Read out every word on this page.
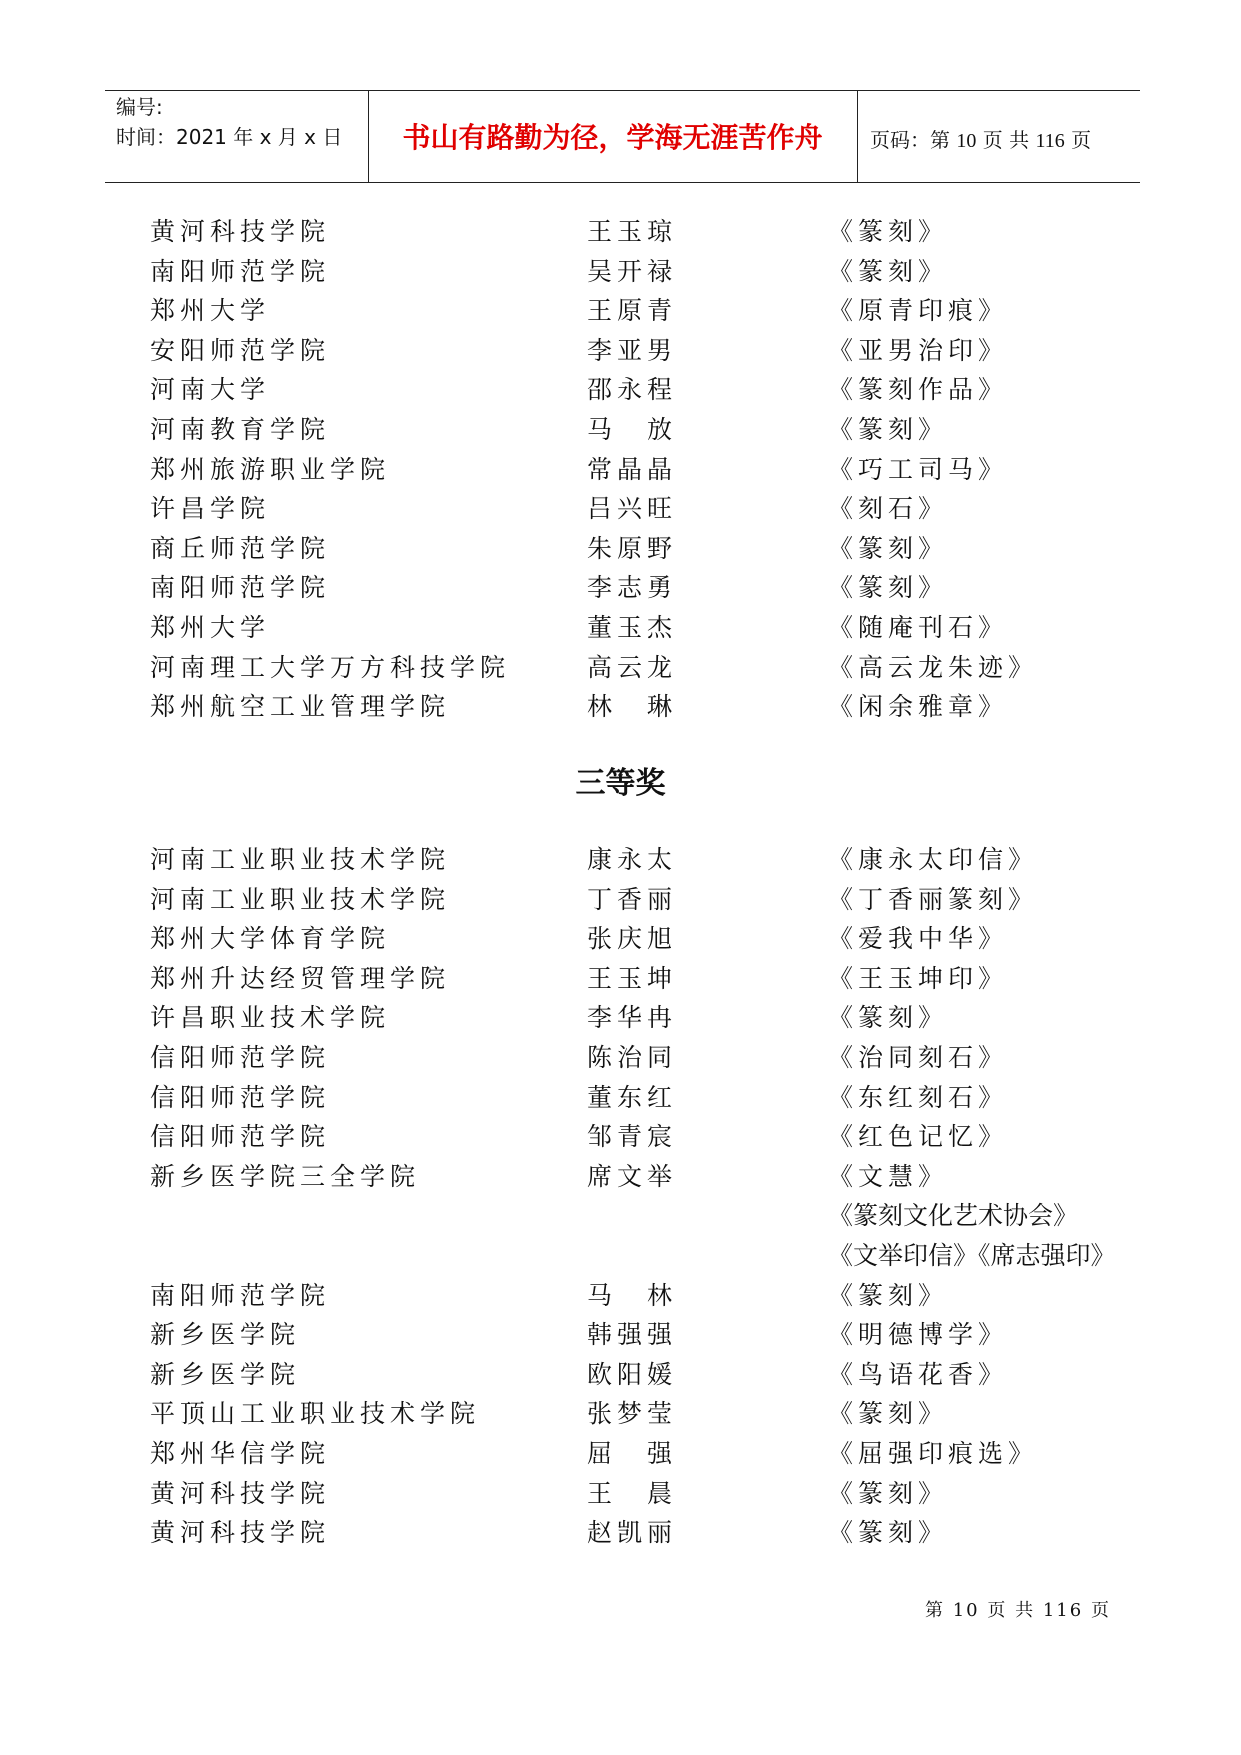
编号:
时间：2021 年 x 月 x 日	书山有路勤为径，学海无涯苦作舟	页码：第 10 页 共 116 页
黄河科技学院	王玉琼	《篆刻》
南阳师范学院	吴开禄	《篆刻》
郑州大学	王原青	《原青印痕》
安阳师范学院	李亚男	《亚男治印》
河南大学	邵永程	《篆刻作品》
河南教育学院	马　放	《篆刻》
郑州旅游职业学院	常晶晶	《巧工司马》
许昌学院	吕兴旺	《刻石》
商丘师范学院	朱原野	《篆刻》
南阳师范学院	李志勇	《篆刻》
郑州大学	董玉杰	《随庵刊石》
河南理工大学万方科技学院	高云龙	《高云龙朱迹》
郑州航空工业管理学院	林　琳	《闲余雅章》
三等奖
河南工业职业技术学院	康永太	《康永太印信》
河南工业职业技术学院	丁香丽	《丁香丽篆刻》
郑州大学体育学院	张庆旭	《爱我中华》
郑州升达经贸管理学院	王玉坤	《王玉坤印》
许昌职业技术学院	李华冉	《篆刻》
信阳师范学院	陈治同	《治同刻石》
信阳师范学院	董东红	《东红刻石》
信阳师范学院	邹青宸	《红色记忆》
新乡医学院三全学院	席文举	《文慧》
《篆刻文化艺术协会》
《文举印信》《席志强印》
南阳师范学院	马　林	《篆刻》
新乡医学院	韩强强	《明德博学》
新乡医学院	欧阳媛	《鸟语花香》
平顶山工业职业技术学院	张梦莹	《篆刻》
郑州华信学院	屈　强	《屈强印痕选》
黄河科技学院	王　晨	《篆刻》
黄河科技学院	赵凯丽	《篆刻》
第 10 页 共 116 页
